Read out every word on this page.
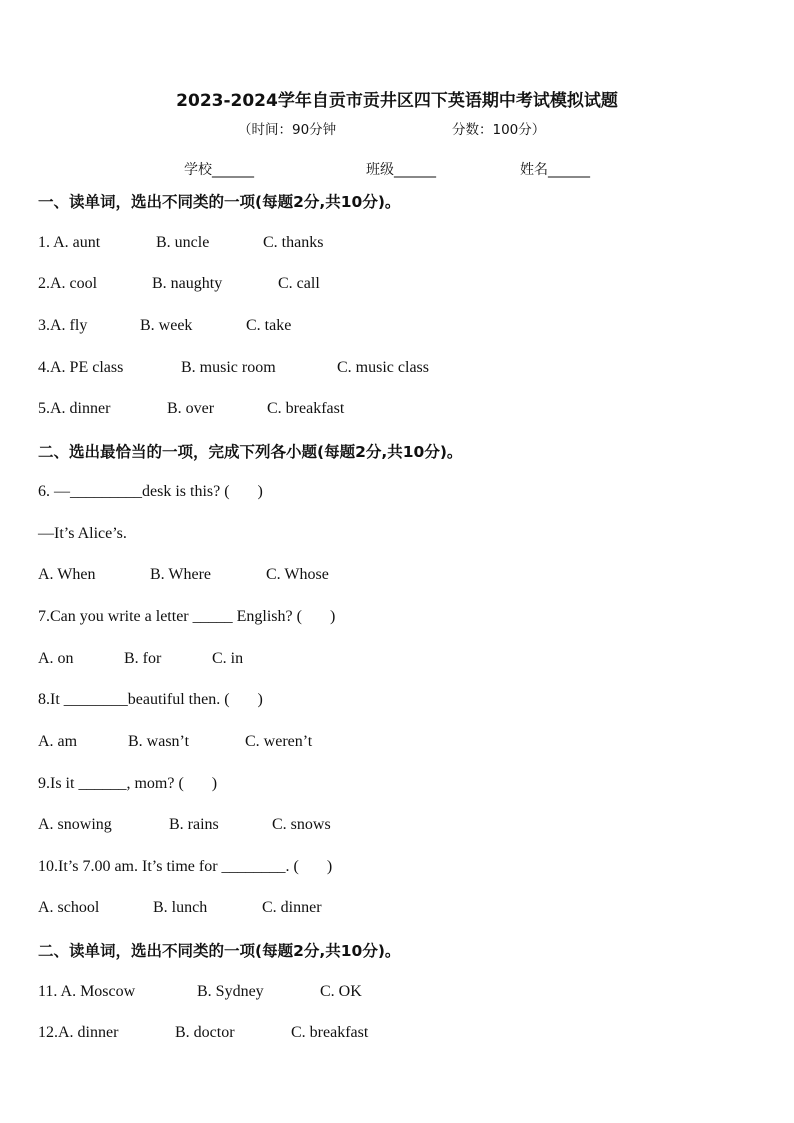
2023-2024学年自贡市贡井区四下英语期中考试模拟试题
（时间：90分钟	分数：100分）
学校______	班级______	姓名______
一、读单词，选出不同类的一项(每题2分,共10分)。
1. A. aunt	B. uncle	C. thanks
2.A. cool	B. naughty	C. call
3.A. fly	B. week	C. take
4.A. PE class	B. music room	C. music class
5.A. dinner	B. over	C. breakfast
二、选出最恰当的一项，完成下列各小题(每题2分,共10分)。
6. —_________desk is this? (       )
—It’s Alice’s.
A. When	B. Where	C. Whose
7.Can you write a letter _____ English? (       )
A. on	B. for	C. in
8.It ________beautiful then. (       )
A. am	B. wasn’t	C. weren’t
9.Is it ______, mom? (       )
A. snowing	B. rains	C. snows
10.It’s 7.00 am. It’s time for ________. (       )
A. school	B. lunch	C. dinner
二、读单词，选出不同类的一项(每题2分,共10分)。
11. A. Moscow	B. Sydney	C. OK
12.A. dinner	B. doctor	C. breakfast
